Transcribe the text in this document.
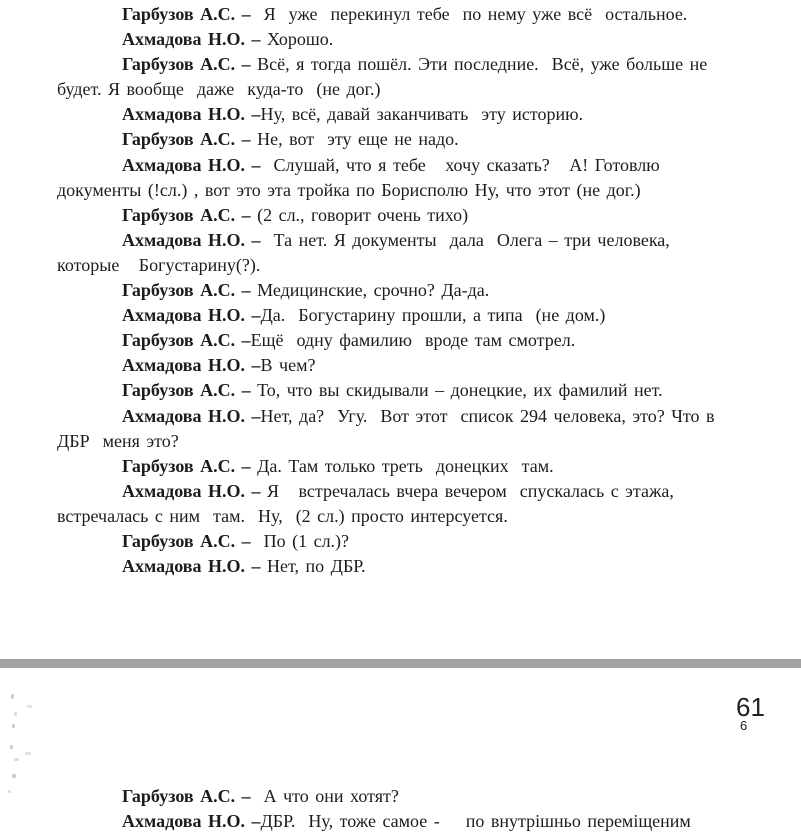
Гарбузов А.С. –  Я  уже  перекинул тебе  по нему уже всё  остальное.
Ахмадова Н.О. – Хорошо.
Гарбузов А.С. – Всё, я тогда пошёл. Эти последние.  Всё, уже больше не
будет. Я вообще  даже  куда-то  (не дог.)
Ахмадова Н.О. –Ну, всё, давай заканчивать  эту историю.
Гарбузов А.С. – Не, вот  эту еще не надо.
Ахмадова Н.О. –  Слушай, что я тебе   хочу сказать?   А! Готовлю
документы (!сл.) , вот это эта тройка по Борисполю Ну, что этот (не дог.)
Гарбузов А.С. – (2 сл., говорит очень тихо)
Ахмадова Н.О. –  Та нет. Я документы  дала  Олега – три человека,
которые   Богустарину(?).
Гарбузов А.С. – Медицинские, срочно? Да-да.
Ахмадова Н.О. –Да.  Богустарину прошли, а типа  (не дом.)
Гарбузов А.С. –Ещё  одну фамилию  вроде там смотрел.
Ахмадова Н.О. –В чем?
Гарбузов А.С. – То, что вы скидывали – донецкие, их фамилий нет.
Ахмадова Н.О. –Нет, да?  Угу.  Вот этот  список 294 человека, это? Что в
ДБР  меня это?
Гарбузов А.С. – Да. Там только треть  донецких  там.
Ахмадова Н.О. – Я   встречалась вчера вечером  спускалась с этажа,
встречалась с ним  там.  Ну,  (2 сл.) просто интерсуется.
Гарбузов А.С. –  По (1 сл.)?
Ахмадова Н.О. – Нет, по ДБР.
61
6
Гарбузов А.С. –  А что они хотят?
Ахмадова Н.О. –ДБР.  Ну, тоже самое -    по внутрішньо переміщеним
